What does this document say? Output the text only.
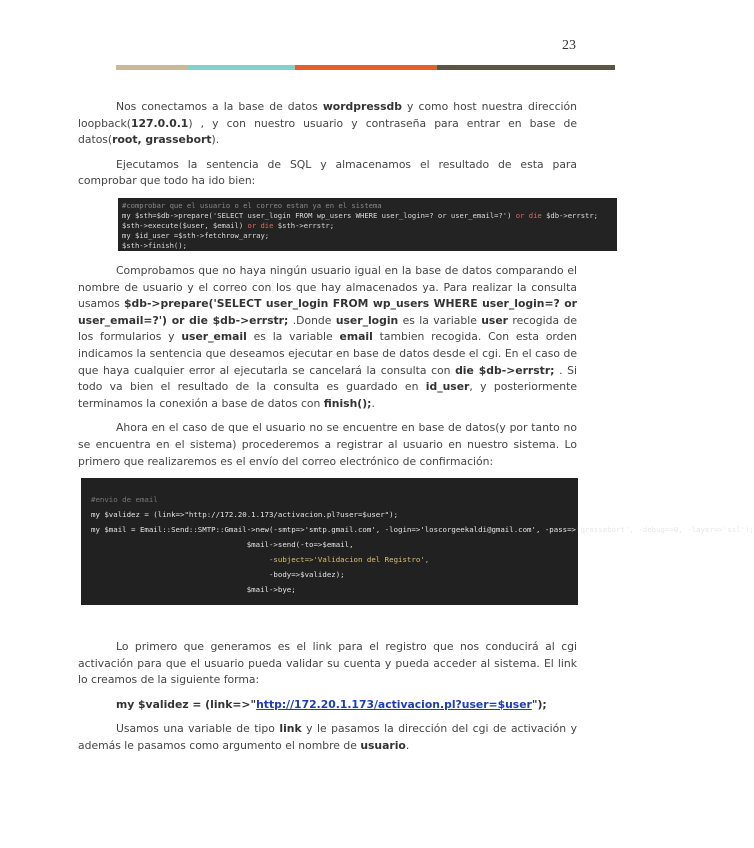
23

Nos conectamos a la base de datos wordpressdb y como host nuestra dirección loopback(127.0.0.1) , y con nuestro usuario y contraseña para entrar en base de datos(root, grassebort).

Ejecutamos la sentencia de SQL y almacenamos el resultado de esta para comprobar que todo ha ido bien:

#comprobar que el usuario o el correo estan ya en el sistema
my $sth=$db->prepare('SELECT user_login FROM wp_users WHERE user_login=? or user_email=?') or die $db->errstr;
$sth->execute($user, $email) or die $sth->errstr;
my $id_user =$sth->fetchrow_array;
$sth->finish();

Comprobamos que no haya ningún usuario igual en la base de datos comparando el nombre de usuario y el correo con los que hay almacenados ya. Para realizar la consulta usamos $db->prepare('SELECT user_login FROM wp_users WHERE user_login=? or user_email=?') or die $db->errstr; .Donde user_login es la variable user recogida de los formularios y user_email es la variable email tambien recogida. Con esta orden indicamos la sentencia que deseamos ejecutar en base de datos desde el cgi. En el caso de que haya cualquier error al ejecutarla se cancelará la consulta con die $db->errstr; . Si todo va bien el resultado de la consulta es guardado en id_user, y posteriormente terminamos la conexión a base de datos con finish();.

Ahora en el caso de que el usuario no se encuentre en base de datos(y por tanto no se encuentra en el sistema) procederemos a registrar al usuario en nuestro sistema. Lo primero que realizaremos es el envío del correo electrónico de confirmación:

#envio de email
my $validez = (link=>"http://172.20.1.173/activacion.pl?user=$user");
my $mail = Email::Send::SMTP::Gmail->new(-smtp=>'smtp.gmail.com', -login=>'loscorgeekaldi@gmail.com', -pass=>'grassebort', -debug=>0, -layer=>'ssl');
$mail->send(-to=>$email,
-subject=>'Validacion del Registro',
-body=>$validez);
$mail->bye;

Lo primero que generamos es el link para el registro que nos conducirá al cgi activación para que el usuario pueda validar su cuenta y pueda acceder al sistema. El link lo creamos de la siguiente forma:

my $validez = (link=>"http://172.20.1.173/activacion.pl?user=$user");

Usamos una variable de tipo link y le pasamos la dirección del cgi de activación y además le pasamos como argumento el nombre de usuario.
